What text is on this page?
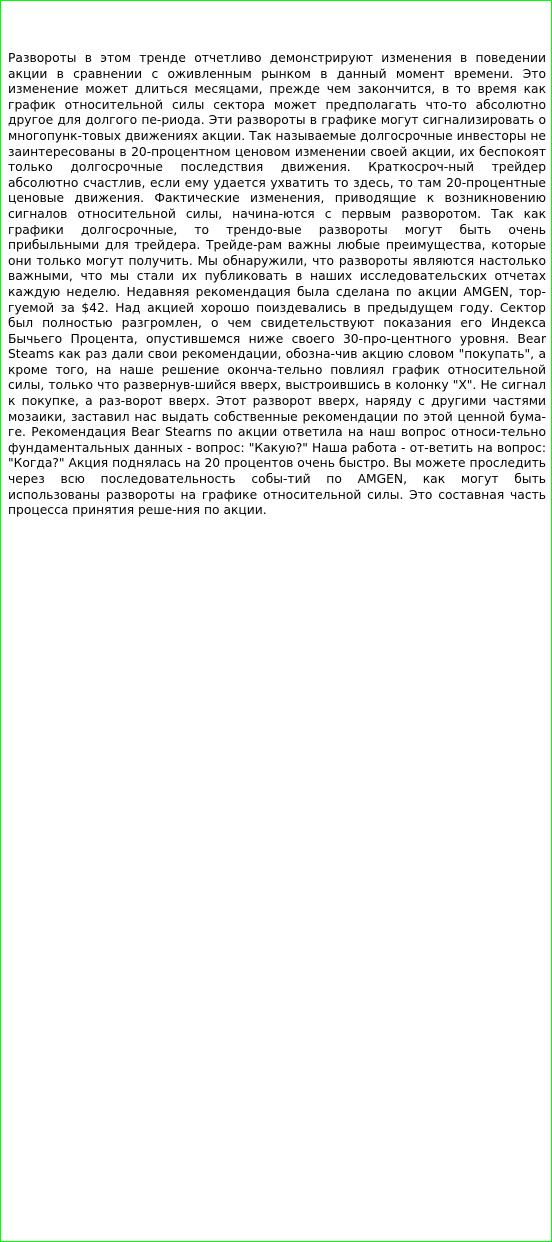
Развороты в этом тренде отчетливо демонстрируют изменения в поведении акции в сравнении с оживленным рынком в данный момент времени. Это изменение может длиться месяцами, прежде чем закончится, в то время как график относительной силы сектора может предполагать что-то абсолютно другое для долгого пе-риода. Эти развороты в графике могут сигнализировать о многопунк-товых движениях акции. Так называемые долгосрочные инвесторы не заинтересованы в 20-процентном ценовом изменении своей акции, их беспокоят только долгосрочные последствия движения. Краткосроч-ный трейдер абсолютно счастлив, если ему удается ухватить то здесь, то там 20-процентные ценовые движения. Фактические изменения, приводящие к возникновению сигналов относительной силы, начина-ются с первым разворотом. Так как графики долгосрочные, то трендо-вые развороты могут быть очень прибыльными для трейдера. Трейде-рам важны любые преимущества, которые они только могут получить. Мы обнаружили, что развороты являются настолько важными, что мы стали их публиковать в наших исследовательских отчетах каждую неделю. Недавняя рекомендация была сделана по акции AMGEN, тор-гуемой за $42. Над акцией хорошо поиздевались в предыдущем году. Сектор был полностью разгромлен, о чем свидетельствуют показания его Индекса Бычьего Процента, опустившемся ниже своего 30-про-центного уровня. Bear Steams как раз дали свои рекомендации, обозна-чив акцию словом "покупать", а кроме того, на наше решение оконча-тельно повлиял график относительной силы, только что развернув-шийся вверх, выстроившись в колонку "X". Не сигнал к покупке, а раз-ворот вверх. Этот разворот вверх, наряду с другими частями мозаики, заставил нас выдать собственные рекомендации по этой ценной бума-ге. Рекомендация Bear Stearns по акции ответила на наш вопрос относи-тельно фундаментальных данных - вопрос: "Какую?" Наша работа - от-ветить на вопрос: "Когда?" Акция поднялась на 20 процентов очень быстро. Вы можете проследить через всю последовательность собы-тий по AMGEN, как могут быть использованы развороты на графике относительной силы. Это составная часть процесса принятия реше-ния по акции.
